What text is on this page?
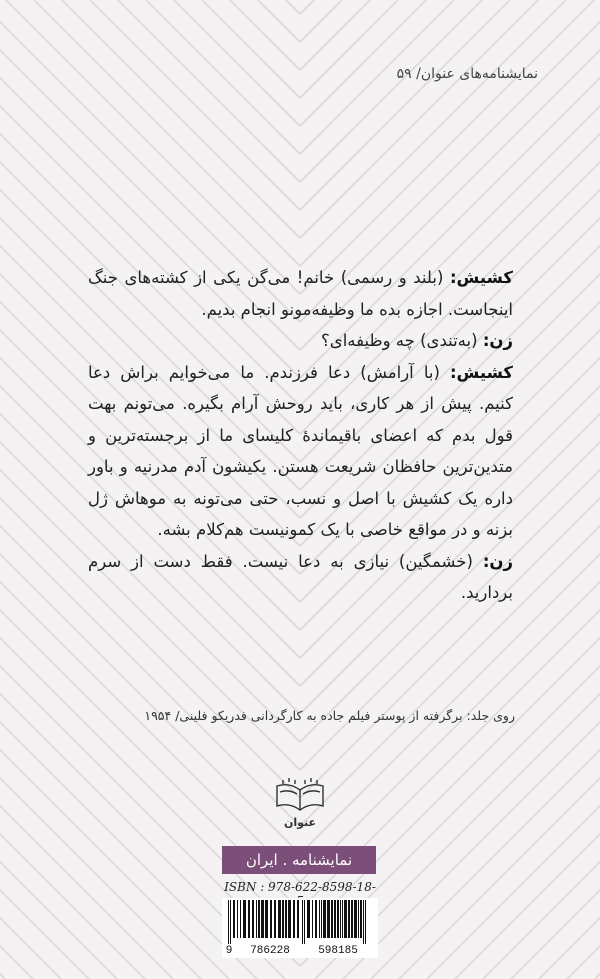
نمایشنامه‌های عنوان/ ۵۹

کشیش: (بلند و رسمی) خانم! می‌گن یکی از کشته‌های جنگ اینجاست. اجازه بده ما وظیفه‌مونو انجام بدیم.

زن: (به‌تندی) چه وظیفه‌ای؟

کشیش: (با آرامش) دعا فرزندم. ما می‌خوایم براش دعا کنیم. پیش از هر کاری، باید روحش آرام بگیره. می‌تونم بهت قول بدم که اعضای باقیماندهٔ کلیسای ما از برجسته‌ترین و متدین‌ترین حافظان شریعت هستن. یکیشون آدم مدرنیه و باور داره یک کشیش با اصل و نسب، حتی می‌تونه به موهاش ژل بزنه و در مواقع خاصی با یک کمونیست هم‌کلام بشه.

زن: (خشمگین) نیازی به دعا نیست. فقط دست از سرم بردارید.

روی جلد: برگرفته از پوستر فیلم جاده به کارگردانی فدریکو فلینی/ ۱۹۵۴
عنوان
نمایشنامه . ایران
ISBN : 978-622-8598-18-
9	786228	598185
